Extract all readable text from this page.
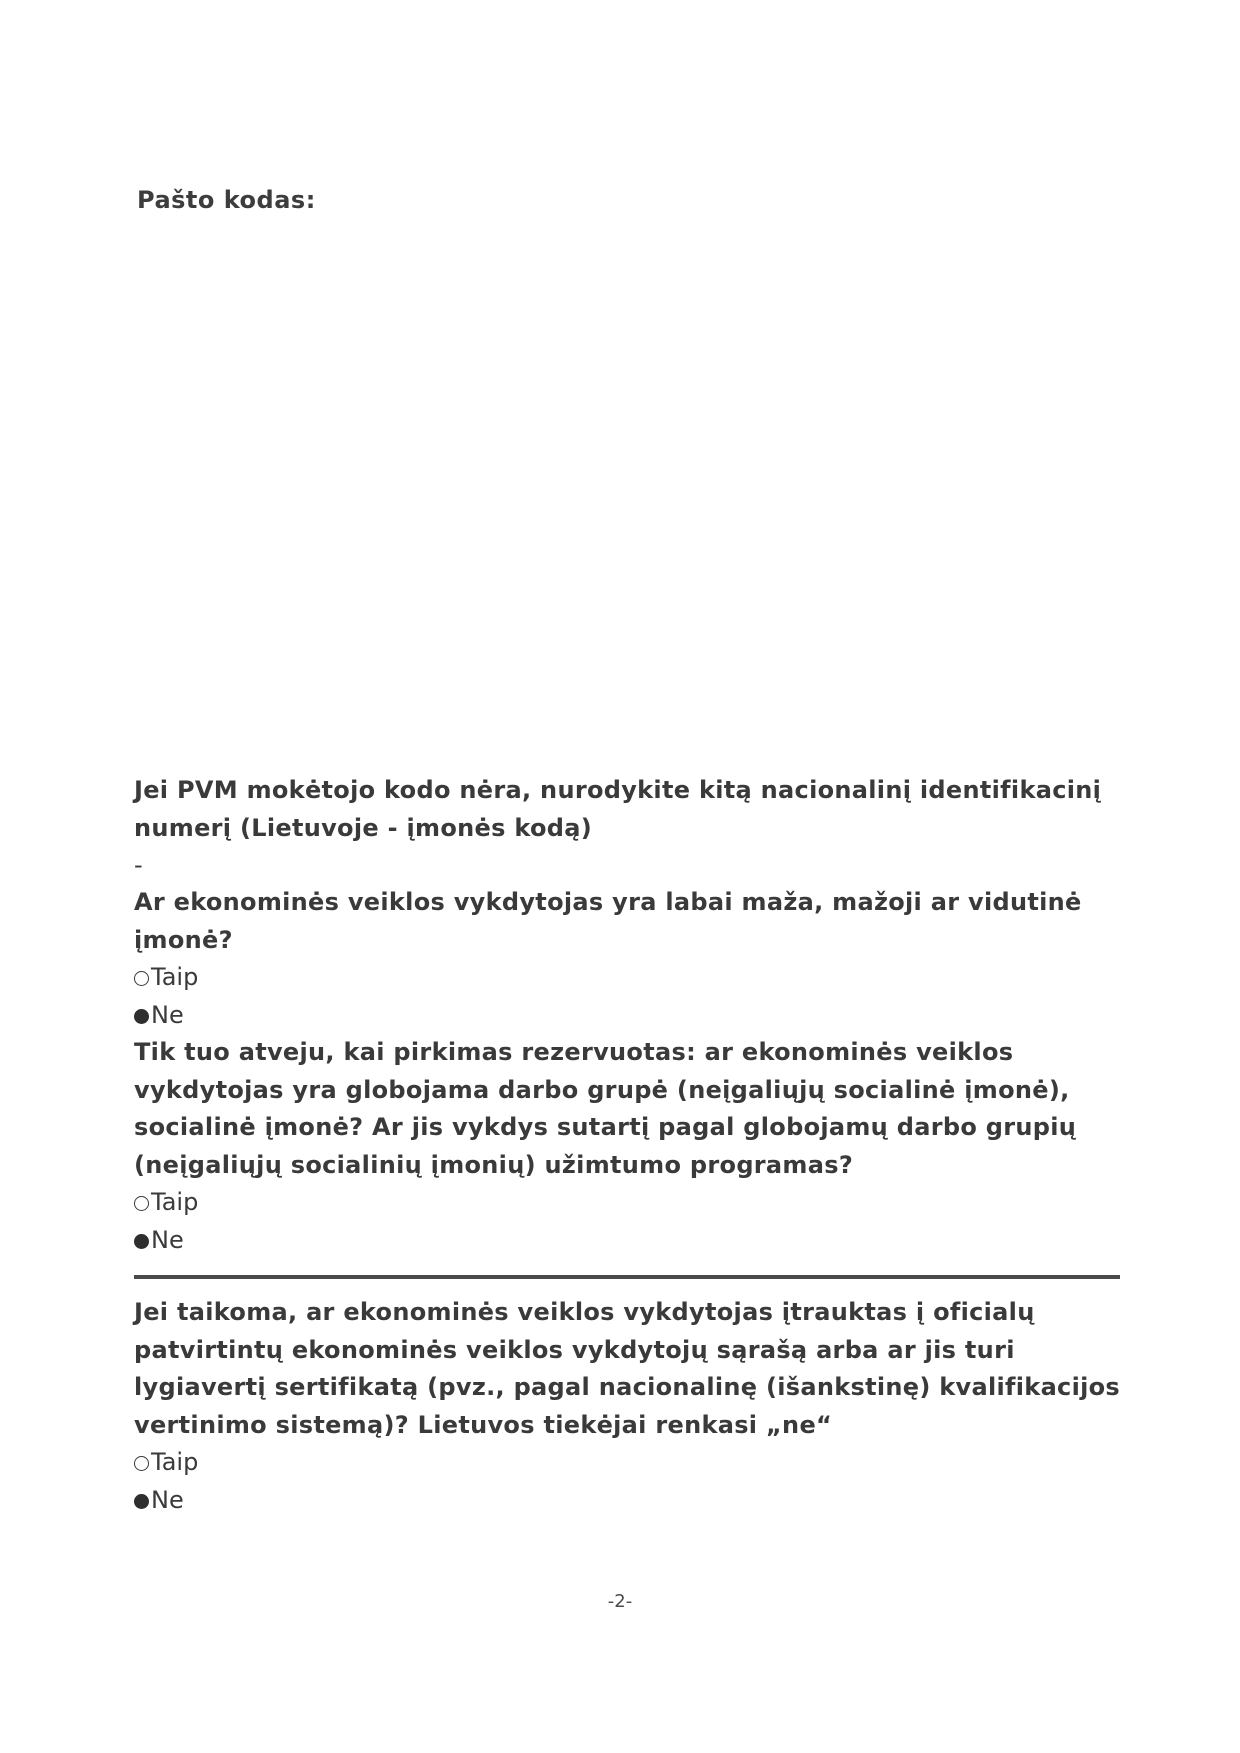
Pašto kodas:
Jei PVM mokėtojo kodo nėra, nurodykite kitą nacionalinį identifikacinį numerį (Lietuvoje - įmonės kodą)
-
Ar ekonominės veiklos vykdytojas yra labai maža, mažoji ar vidutinė įmonė?
Taip
Ne
Tik tuo atveju, kai pirkimas rezervuotas: ar ekonominės veiklos vykdytojas yra globojama darbo grupė (neįgaliųjų socialinė įmonė), socialinė įmonė? Ar jis vykdys sutartį pagal globojamų darbo grupių (neįgaliųjų socialinių įmonių) užimtumo programas?
Taip
Ne
Jei taikoma, ar ekonominės veiklos vykdytojas įtrauktas į oficialų patvirtintų ekonominės veiklos vykdytojų sąrašą arba ar jis turi lygiavertį sertifikatą (pvz., pagal nacionalinę (išankstinę) kvalifikacijos vertinimo sistemą)? Lietuvos tiekėjai renkasi „ne“
Taip
Ne
-2-
